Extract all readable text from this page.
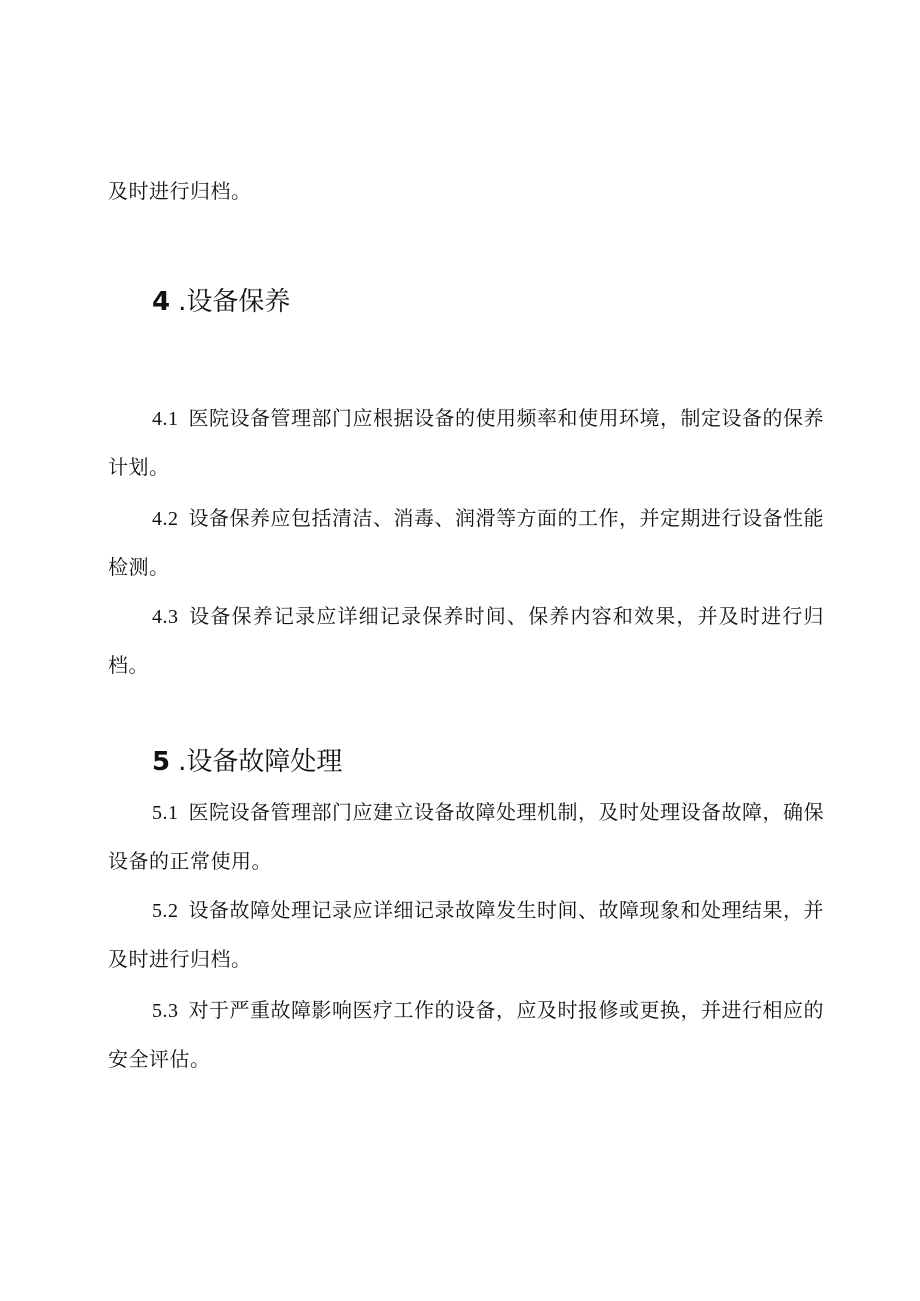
及时进行归档。
4 .设备保养
4.1 医院设备管理部门应根据设备的使用频率和使用环境，制定设备的保养计划。
4.2 设备保养应包括清洁、消毒、润滑等方面的工作，并定期进行设备性能检测。
4.3 设备保养记录应详细记录保养时间、保养内容和效果，并及时进行归档。
5 .设备故障处理
5.1 医院设备管理部门应建立设备故障处理机制，及时处理设备故障，确保设备的正常使用。
5.2 设备故障处理记录应详细记录故障发生时间、故障现象和处理结果，并及时进行归档。
5.3 对于严重故障影响医疗工作的设备，应及时报修或更换，并进行相应的安全评估。
